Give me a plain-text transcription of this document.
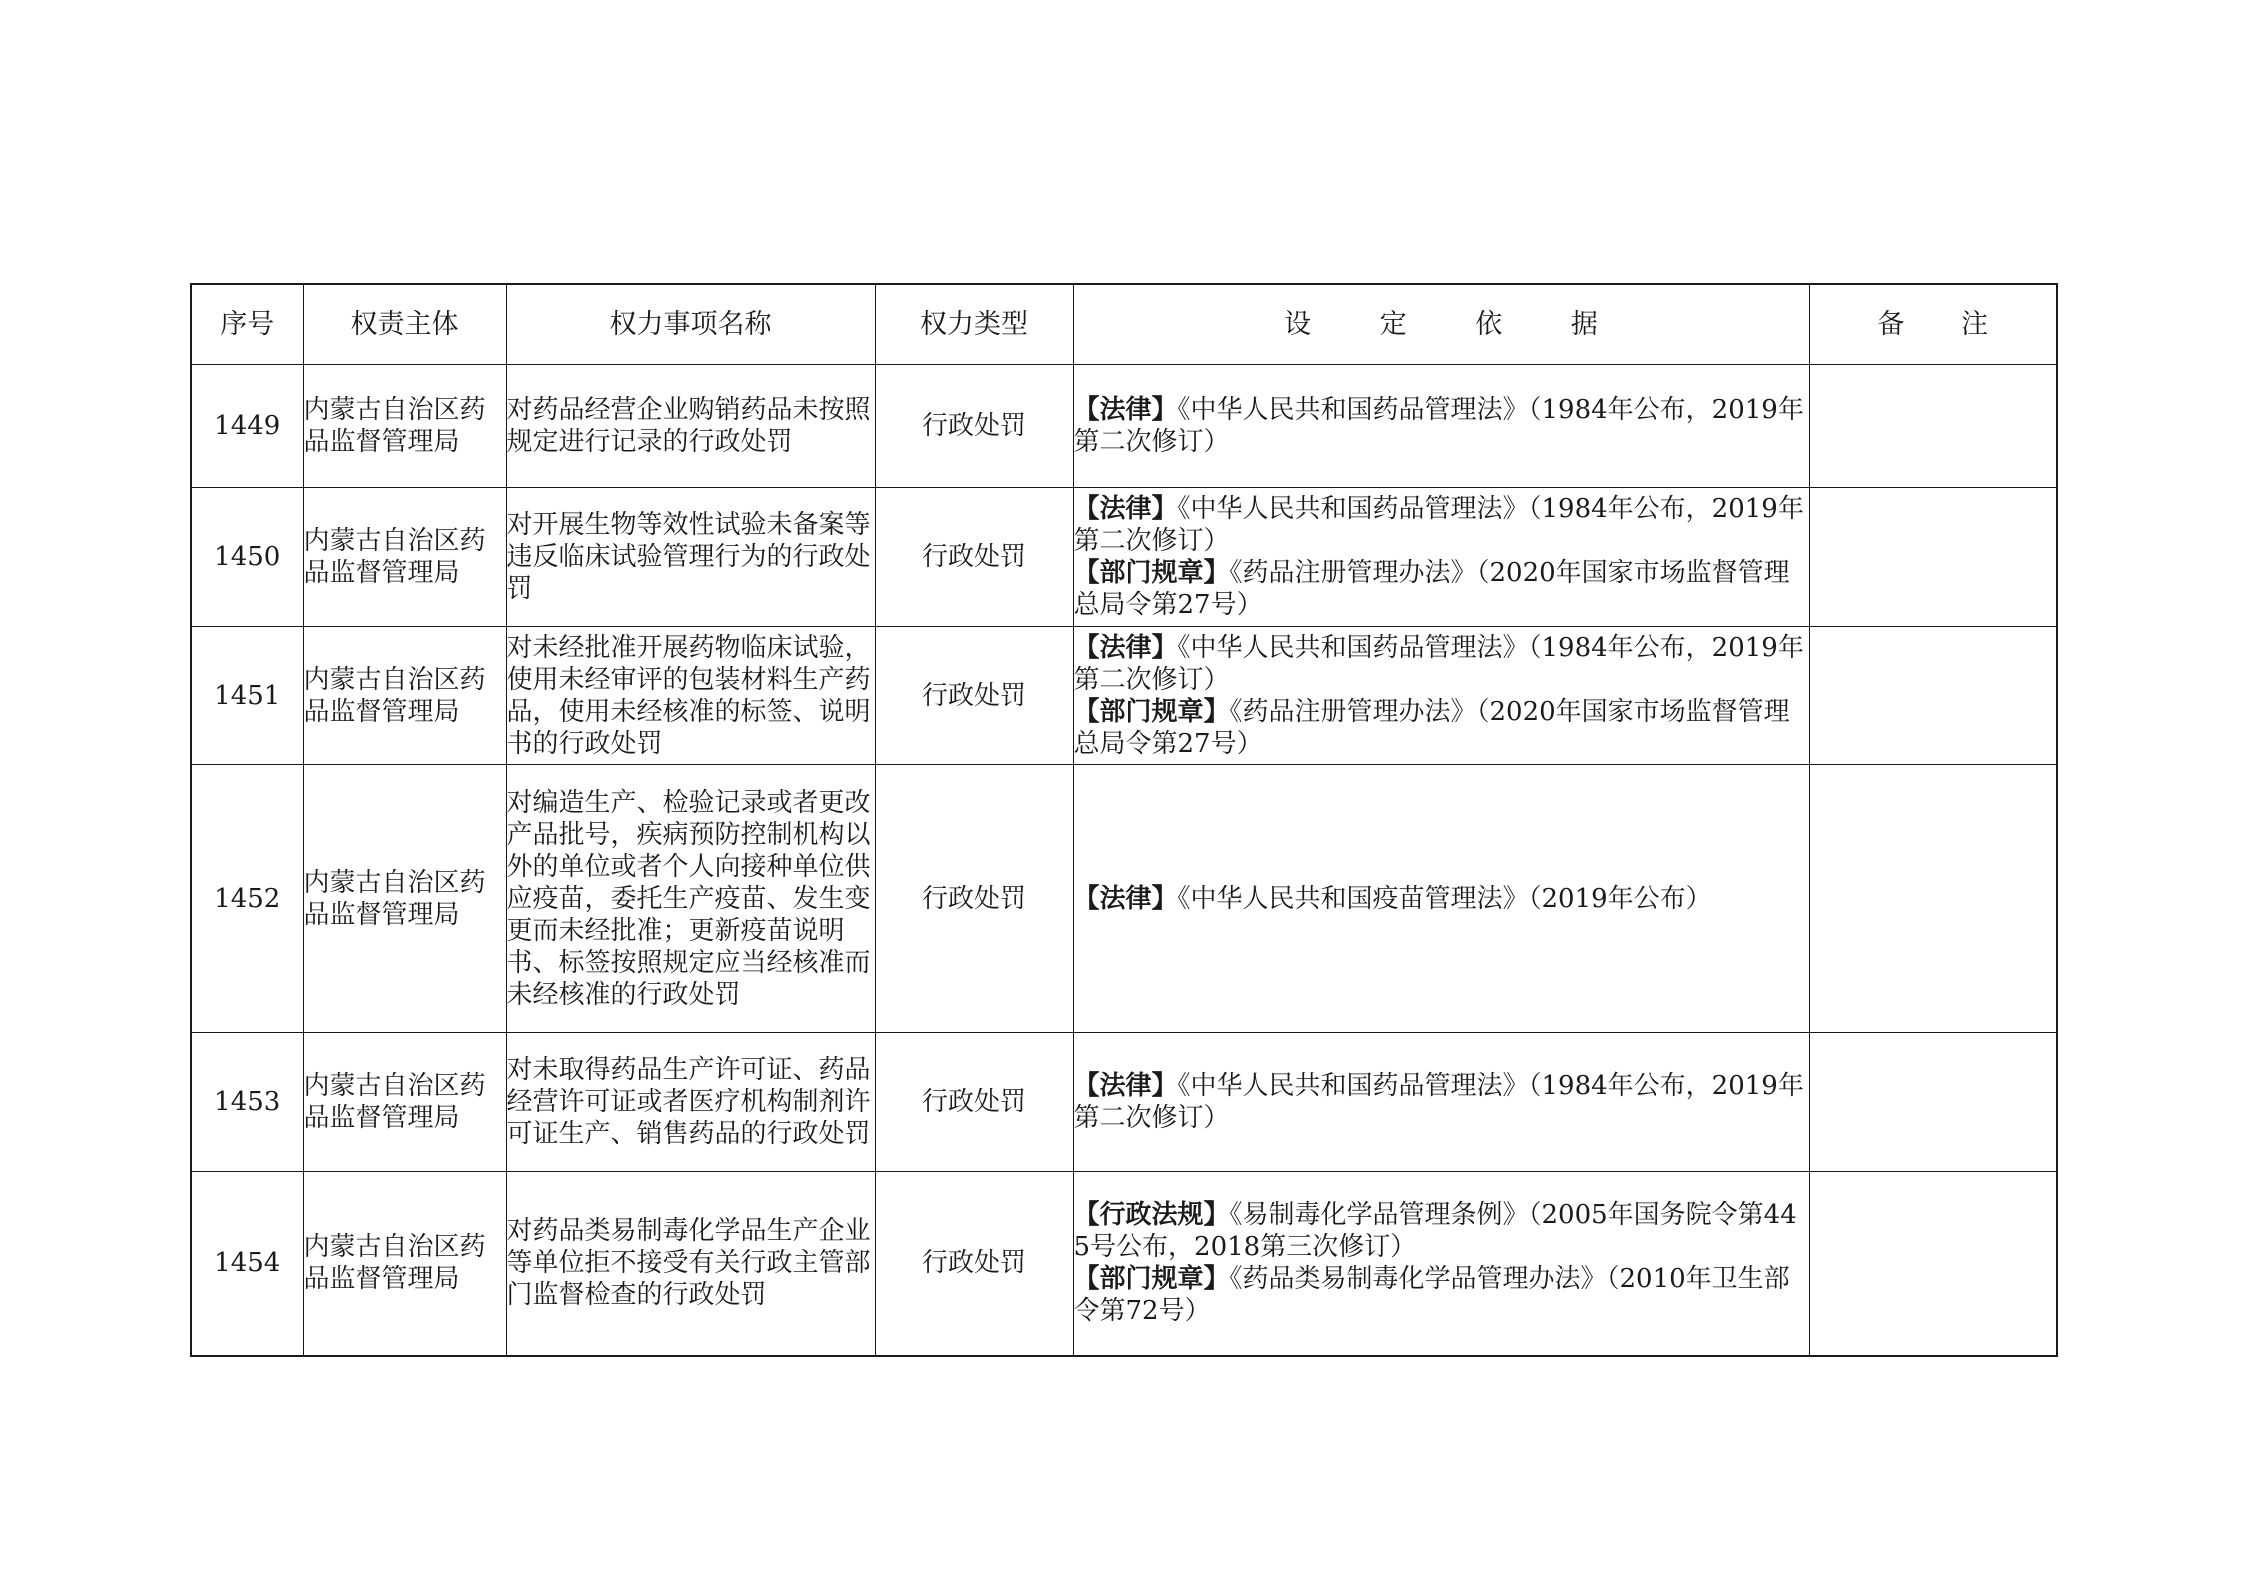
序号	权责主体	权力事项名称	权力类型	设 定 依 据	备 注
1449	内蒙古自治区药品监督管理局	对药品经营企业购销药品未按照规定进行记录的行政处罚	行政处罚	【法律】《中华人民共和国药品管理法》（1984年公布，2019年第二次修订）	

1450	内蒙古自治区药品监督管理局	对开展生物等效性试验未备案等违反临床试验管理行为的行政处罚	行政处罚	【法律】《中华人民共和国药品管理法》（1984年公布，2019年第二次修订）
【部门规章】《药品注册管理办法》（2020年国家市场监督管理总局令第27号）	

1451	内蒙古自治区药品监督管理局	对未经批准开展药物临床试验，使用未经审评的包装材料生产药品，使用未经核准的标签、说明书的行政处罚	行政处罚	【法律】《中华人民共和国药品管理法》（1984年公布，2019年第二次修订）
【部门规章】《药品注册管理办法》（2020年国家市场监督管理总局令第27号）	

1452	内蒙古自治区药品监督管理局	对编造生产、检验记录或者更改产品批号，疾病预防控制机构以外的单位或者个人向接种单位供应疫苗，委托生产疫苗、发生变更而未经批准；更新疫苗说明书、标签按照规定应当经核准而未经核准的行政处罚	行政处罚	【法律】《中华人民共和国疫苗管理法》（2019年公布）	

1453	内蒙古自治区药品监督管理局	对未取得药品生产许可证、药品经营许可证或者医疗机构制剂许可证生产、销售药品的行政处罚	行政处罚	【法律】《中华人民共和国药品管理法》（1984年公布，2019年第二次修订）	

1454	内蒙古自治区药品监督管理局	对药品类易制毒化学品生产企业等单位拒不接受有关行政主管部门监督检查的行政处罚	行政处罚	【行政法规】《易制毒化学品管理条例》（2005年国务院令第445号公布，2018第三次修订）
【部门规章】《药品类易制毒化学品管理办法》（2010年卫生部令第72号）	
